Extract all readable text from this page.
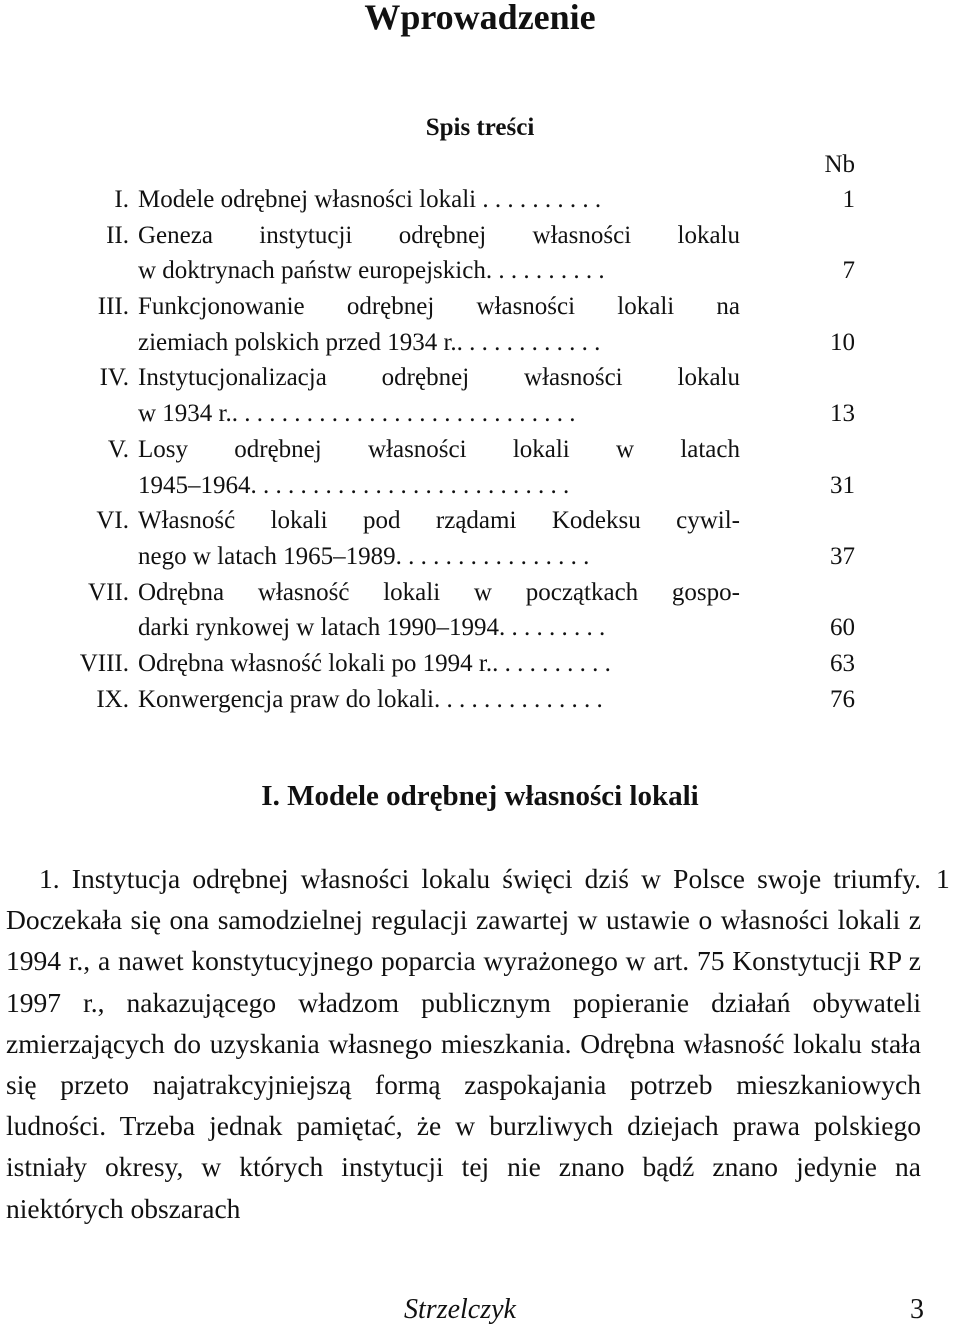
Wprowadzenie
Spis treści
Nb
I. Modele odrębnej własności lokali . . . . . . . . . .	1
II. Geneza instytucji odrębnej własności lokalu
w doktrynach państw europejskich. . . . . . . . . .	7
III. Funkcjonowanie odrębnej własności lokali na
ziemiach polskich przed 1934 r.. . . . . . . . . . . .	10
IV. Instytucjonalizacja odrębnej własności lokalu
w 1934 r.. . . . . . . . . . . . . . . . . . . . . . . . . . . .	13
V. Losy odrębnej własności lokali w latach
1945–1964. . . . . . . . . . . . . . . . . . . . . . . . . .	31
VI. Własność lokali pod rządami Kodeksu cywil-
nego w latach 1965–1989. . . . . . . . . . . . . . . .	37
VII. Odrębna własność lokali w początkach gospo-
darki rynkowej w latach 1990–1994. . . . . . . . .	60
VIII. Odrębna własność lokali po 1994 r.. . . . . . . . . .	63
IX. Konwergencja praw do lokali. . . . . . . . . . . . . .	76
I. Modele odrębnej własności lokali

1. Instytucja odrębnej własności lokalu święci dziś w Polsce swoje triumfy. Doczekała się ona samodzielnej regulacji zawartej w ustawie o własności lokali z 1994 r., a nawet konstytucyjnego poparcia wyrażonego w art. 75 Konstytucji RP z 1997 r., nakazującego władzom publicznym popieranie działań obywateli zmierzających do uzyskania własnego mieszkania. Odrębna własność lokalu stała się przeto najatrakcyjniejszą formą zaspokajania potrzeb mieszkaniowych ludności. Trzeba jednak pamiętać, że w burzliwych dziejach prawa polskiego istniały okresy, w których instytucji tej nie znano bądź znano jedynie na niektórych obszarach

1
Strzelczyk	3
